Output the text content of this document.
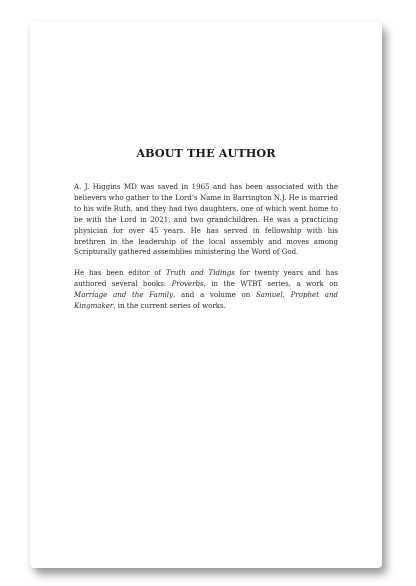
ABOUT THE AUTHOR

A. J. Higgins MD was saved in 1965 and has been associated with the believers who gather to the Lord’s Name in Barrington N.J. He is married to his wife Ruth, and they had two daughters, one of which went home to be with the Lord in 2021, and two grandchildren. He was a practicing physician for over 45 years. He has served in fellowship with his brethren in the leadership of the local assembly and moves among Scripturally gathered assemblies ministering the Word of God.

He has been editor of Truth and Tidings for twenty years and has authored several books: Proverbs, in the WTBT series, a work on Marriage and the Family, and a volume on Samuel, Prophet and Kingmaker, in the current series of works.
